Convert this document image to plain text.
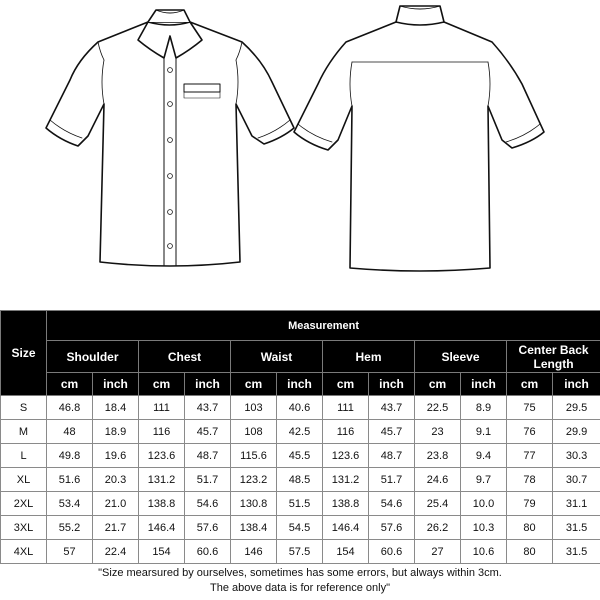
Size	Measurement											
	Shoulder		Chest		Waist		Hem		Sleeve		Center Back Length	
	cm	inch	cm	inch	cm	inch	cm	inch	cm	inch	cm	inch
S	46.8	18.4	111	43.7	103	40.6	111	43.7	22.5	8.9	75	29.5
M	48	18.9	116	45.7	108	42.5	116	45.7	23	9.1	76	29.9
L	49.8	19.6	123.6	48.7	115.6	45.5	123.6	48.7	23.8	9.4	77	30.3
XL	51.6	20.3	131.2	51.7	123.2	48.5	131.2	51.7	24.6	9.7	78	30.7
2XL	53.4	21.0	138.8	54.6	130.8	51.5	138.8	54.6	25.4	10.0	79	31.1
3XL	55.2	21.7	146.4	57.6	138.4	54.5	146.4	57.6	26.2	10.3	80	31.5
4XL	57	22.4	154	60.6	146	57.5	154	60.6	27	10.6	80	31.5
"Size mearsured by ourselves, sometimes has some errors, but always within 3cm.
The above data is for reference only"
